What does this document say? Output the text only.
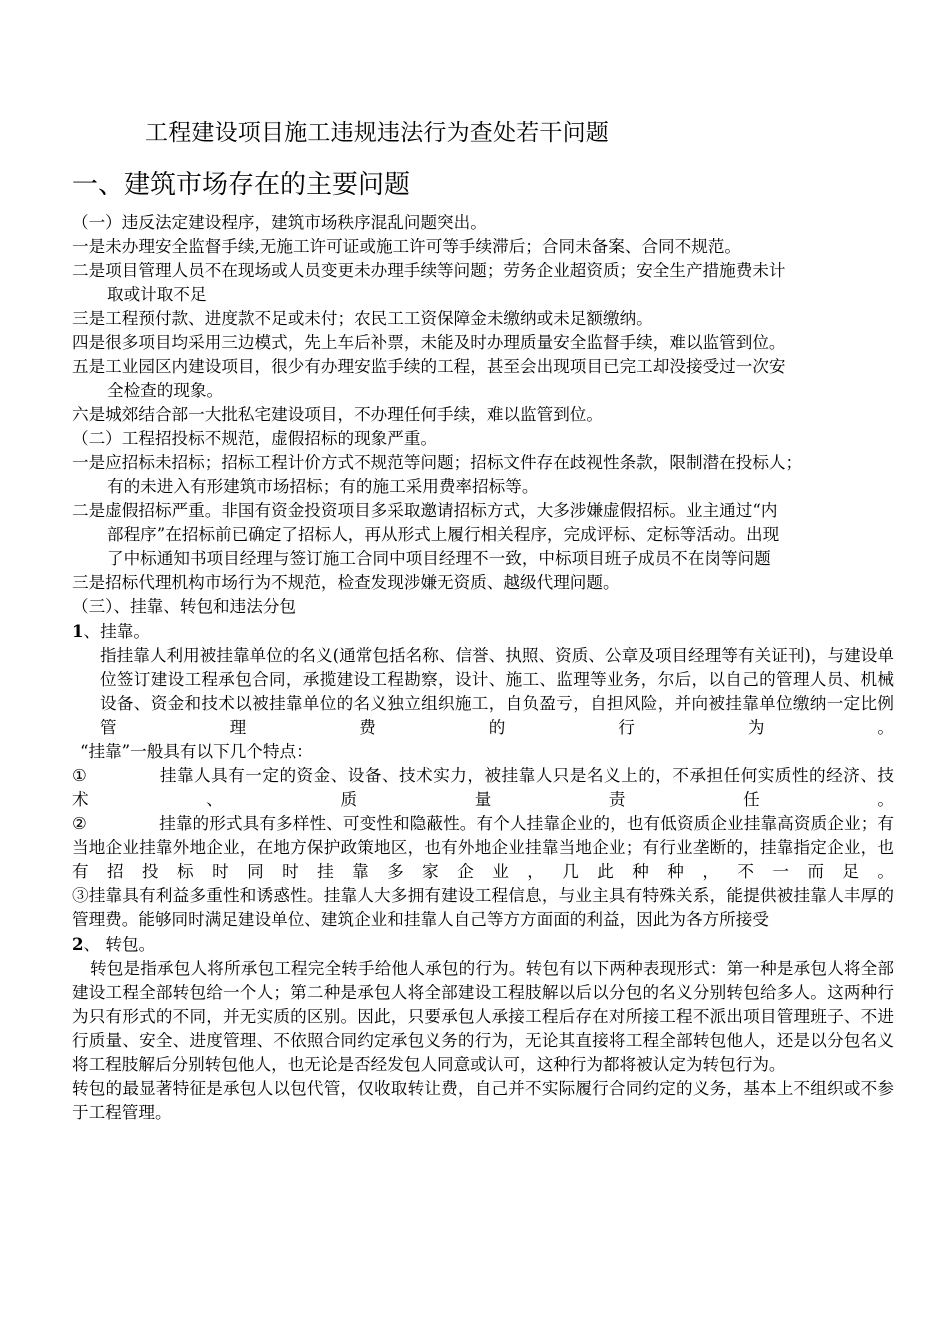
工程建设项目施工违规违法行为查处若干问题
一、建筑市场存在的主要问题
（一）违反法定建设程序，建筑市场秩序混乱问题突出。
一是未办理安全监督手续,无施工许可证或施工许可等手续滞后；合同未备案、合同不规范。
二是项目管理人员不在现场或人员变更未办理手续等问题；劳务企业超资质；安全生产措施费未计
取或计取不足
三是工程预付款、进度款不足或未付；农民工工资保障金未缴纳或未足额缴纳。
四是很多项目均采用三边模式，先上车后补票，未能及时办理质量安全监督手续，难以监管到位。
五是工业园区内建设项目，很少有办理安监手续的工程，甚至会出现项目已完工却没接受过一次安
全检查的现象。
六是城郊结合部一大批私宅建设项目，不办理任何手续，难以监管到位。
（二）工程招投标不规范，虚假招标的现象严重。
一是应招标未招标；招标工程计价方式不规范等问题；招标文件存在歧视性条款，限制潜在投标人；
有的未进入有形建筑市场招标；有的施工采用费率招标等。
二是虚假招标严重。非国有资金投资项目多采取邀请招标方式，大多涉嫌虚假招标。业主通过“内
部程序”在招标前已确定了招标人，再从形式上履行相关程序，完成评标、定标等活动。出现
了中标通知书项目经理与签订施工合同中项目经理不一致，中标项目班子成员不在岗等问题
三是招标代理机构市场行为不规范，检查发现涉嫌无资质、越级代理问题。
（三）、挂靠、转包和违法分包
1、挂靠。
指挂靠人利用被挂靠单位的名义(通常包括名称、信誉、执照、资质、公章及项目经理等有关证刊)，与建设单位签订建设工程承包合同，承揽建设工程勘察，设计、施工、监理等业务，尔后，以自己的管理人员、机械设备、资金和技术以被挂靠单位的名义独立组织施工，自负盈亏，自担风险，并向被挂靠单位缴纳一定比例管理费的行为。
“挂靠”一般具有以下几个特点：
①	挂靠人具有一定的资金、设备、技术实力，被挂靠人只是名义上的，不承担任何实质性的经济、技术、质量责任。
②	挂靠的形式具有多样性、可变性和隐蔽性。有个人挂靠企业的，也有低资质企业挂靠高资质企业；有当地企业挂靠外地企业，在地方保护政策地区，也有外地企业挂靠当地企业；有行业垄断的，挂靠指定企业，也有招投标时同时挂靠多家企业，几此种种，不一而足。
③挂靠具有利益多重性和诱惑性。挂靠人大多拥有建设工程信息，与业主具有特殊关系，能提供被挂靠人丰厚的管理费。能够同时满足建设单位、建筑企业和挂靠人自己等方方面面的利益，因此为各方所接受
2、 转包。
转包是指承包人将所承包工程完全转手给他人承包的行为。转包有以下两种表现形式：第一种是承包人将全部建设工程全部转包给一个人；第二种是承包人将全部建设工程肢解以后以分包的名义分别转包给多人。这两种行为只有形式的不同，并无实质的区别。因此，只要承包人承接工程后存在对所接工程不派出项目管理班子、不进行质量、安全、进度管理、不依照合同约定承包义务的行为，无论其直接将工程全部转包他人，还是以分包名义将工程肢解后分别转包他人，也无论是否经发包人同意或认可，这种行为都将被认定为转包行为。
转包的最显著特征是承包人以包代管，仅收取转让费，自己并不实际履行合同约定的义务，基本上不组织或不参于工程管理。
